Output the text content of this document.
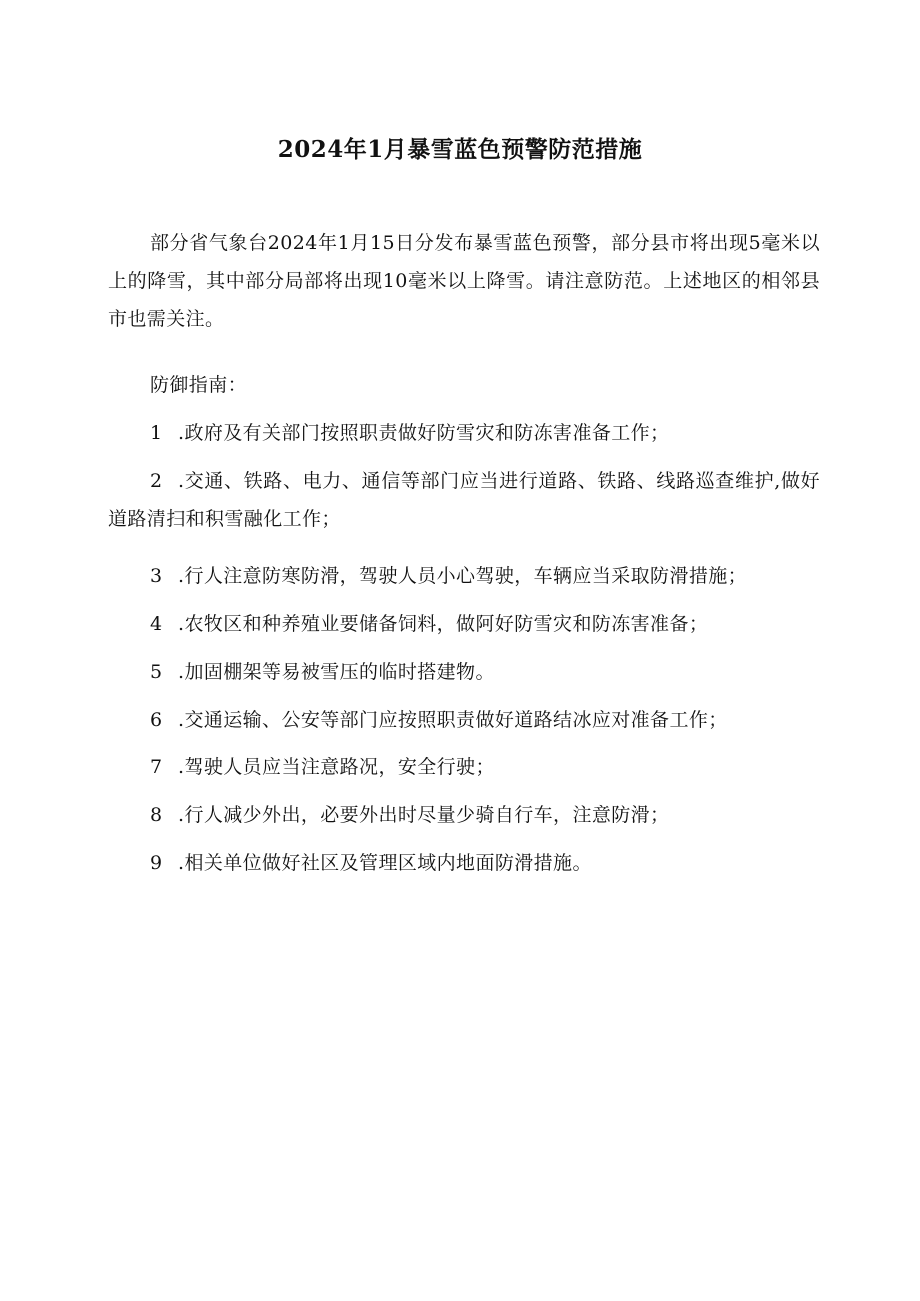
2024年1月暴雪蓝色预警防范措施
部分省气象台2024年1月15日分发布暴雪蓝色预警，部分县市将出现5毫米以上的降雪，其中部分局部将出现10毫米以上降雪。请注意防范。上述地区的相邻县市也需关注。
防御指南：
1 .政府及有关部门按照职责做好防雪灾和防冻害准备工作；
2 .交通、铁路、电力、通信等部门应当进行道路、铁路、线路巡查维护,做好道路清扫和积雪融化工作；
3 .行人注意防寒防滑，驾驶人员小心驾驶，车辆应当采取防滑措施；
4 .农牧区和种养殖业要储备饲料，做阿好防雪灾和防冻害准备；
5 .加固棚架等易被雪压的临时搭建物。
6 .交通运输、公安等部门应按照职责做好道路结冰应对准备工作；
7 .驾驶人员应当注意路况，安全行驶；
8 .行人减少外出，必要外出时尽量少骑自行车，注意防滑；
9 .相关单位做好社区及管理区域内地面防滑措施。
